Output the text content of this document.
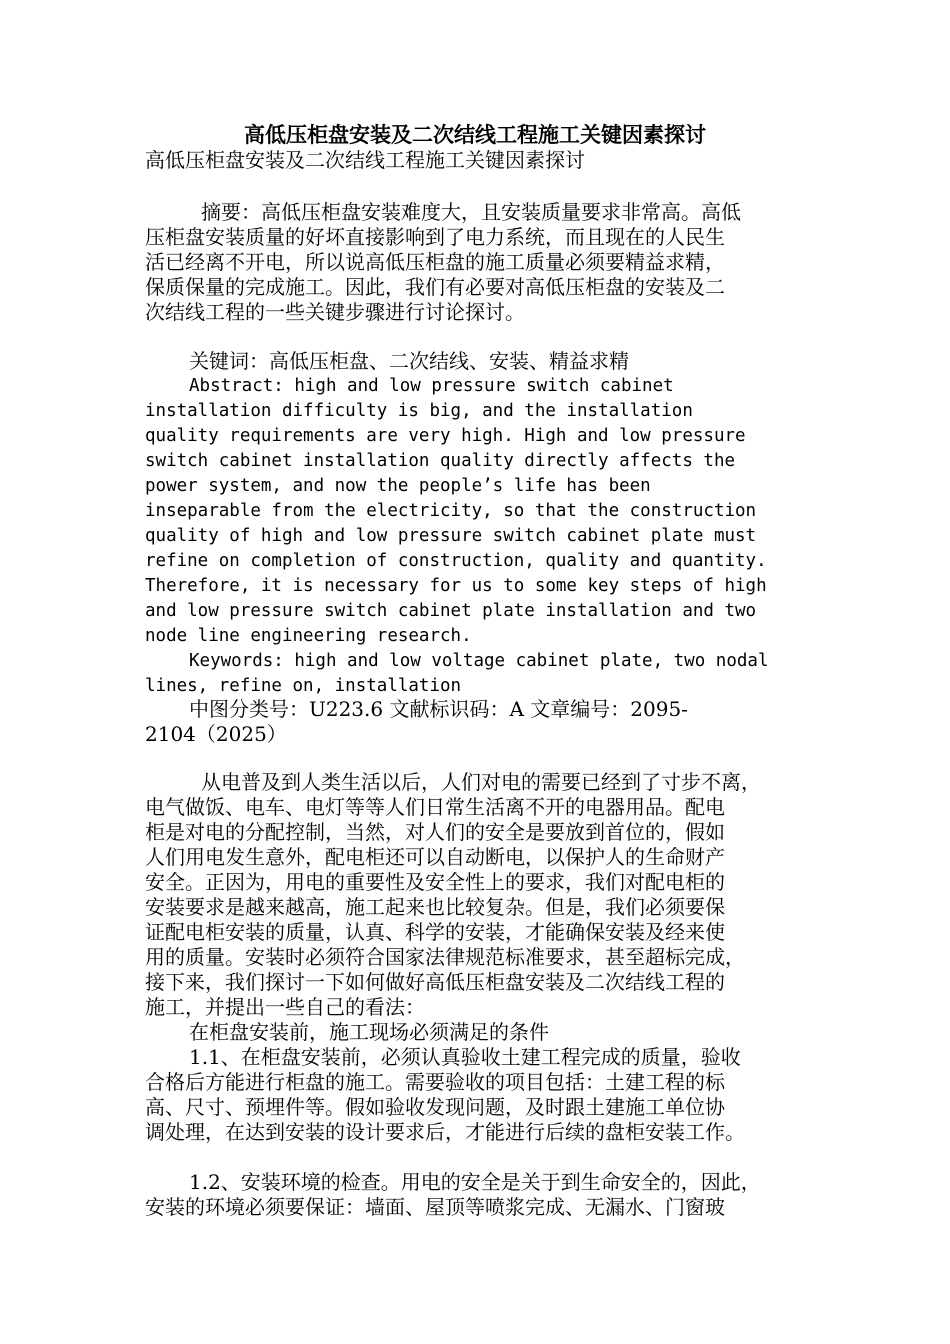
高低压柜盘安装及二次结线工程施工关键因素探讨
高低压柜盘安装及二次结线工程施工关键因素探讨
摘要：高低压柜盘安装难度大，且安装质量要求非常高。高低
压柜盘安装质量的好坏直接影响到了电力系统，而且现在的人民生
活已经离不开电，所以说高低压柜盘的施工质量必须要精益求精，
保质保量的完成施工。因此，我们有必要对高低压柜盘的安装及二
次结线工程的一些关键步骤进行讨论探讨。
关键词：高低压柜盘、二次结线、安装、精益求精
Abstract: high and low pressure switch cabinet
installation difficulty is big, and the installation
quality requirements are very high. High and low pressure
switch cabinet installation quality directly affects the
power system, and now the people’s life has been
inseparable from the electricity, so that the construction
quality of high and low pressure switch cabinet plate must
refine on completion of construction, quality and quantity.
Therefore, it is necessary for us to some key steps of high
and low pressure switch cabinet plate installation and two
node line engineering research.
Keywords: high and low voltage cabinet plate, two nodal
lines, refine on, installation
中图分类号：U223.6 文献标识码：A 文章编号：2095-
2104（2025）
从电普及到人类生活以后，人们对电的需要已经到了寸步不离，
电气做饭、电车、电灯等等人们日常生活离不开的电器用品。配电
柜是对电的分配控制，当然，对人们的安全是要放到首位的，假如
人们用电发生意外，配电柜还可以自动断电，以保护人的生命财产
安全。正因为，用电的重要性及安全性上的要求，我们对配电柜的
安装要求是越来越高，施工起来也比较复杂。但是，我们必须要保
证配电柜安装的质量，认真、科学的安装，才能确保安装及经来使
用的质量。安装时必须符合国家法律规范标准要求，甚至超标完成，
接下来，我们探讨一下如何做好高低压柜盘安装及二次结线工程的
施工，并提出一些自己的看法：
在柜盘安装前，施工现场必须满足的条件
1.1、在柜盘安装前，必须认真验收土建工程完成的质量，验收
合格后方能进行柜盘的施工。需要验收的项目包括：土建工程的标
高、尺寸、预埋件等。假如验收发现问题，及时跟土建施工单位协
调处理，在达到安装的设计要求后，才能进行后续的盘柜安装工作。
1.2、安装环境的检查。用电的安全是关于到生命安全的，因此，
安装的环境必须要保证：墙面、屋顶等喷浆完成、无漏水、门窗玻
